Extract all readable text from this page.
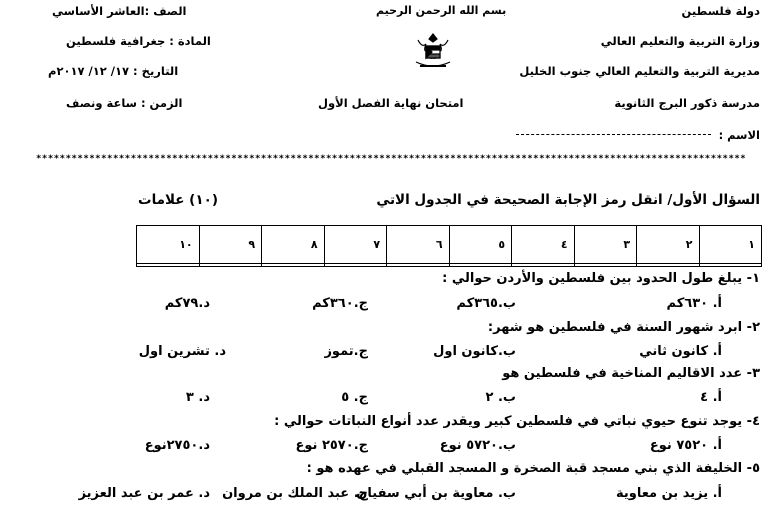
دولة فلسطين
وزارة التربية والتعليم العالي
مديرية التربية والتعليم العالي جنوب الخليل
مدرسة ذكور البرج الثانوية
بسم الله الرحمن الرحيم
امتحان نهاية الفصل الأول
الصف :العاشر الأساسي
المادة : جغرافية فلسطين
التاريخ : ١٧/ ١٢/ ٢٠١٧م
الزمن : ساعة ونصف
الاسم :
************************************************************************************************************************
السؤال الأول/ انقل رمز الإجابة الصحيحة في الجدول الاتي
(١٠) علامات
١	٢	٣	٤	٥	٦	٧	٨	٩	١٠

١- يبلغ طول الحدود بين فلسطين والأردن حوالي :
أ. ٦٣٠كم
ب.٣٦٥كم
ج.٣٦٠كم
د.٧٩كم
٢- ابرد شهور السنة في فلسطين هو شهر:
أ. كانون ثاني
ب.كانون اول
ج.تموز
د. تشرين اول
٣- عدد الاقاليم المناخية في فلسطين هو
أ. ٤
ب. ٢
ج. ٥
د. ٣
٤- يوجد تنوع حيوي نباتي في فلسطين كبير ويقدر عدد أنواع النباتات حوالي :
أ. ٧٥٢٠ نوع
ب.٥٧٢٠ نوع
ج.٢٥٧٠ نوع
د.٢٧٥٠نوع
٥- الخليفة الذي بني مسجد قبة الصخرة و المسجد القبلي في عهده هو :
أ. يزيد بن معاوية
ب. معاوية بن أبي سفيان
ج. عبد الملك بن مروان
د. عمر بن عبد العزيز
